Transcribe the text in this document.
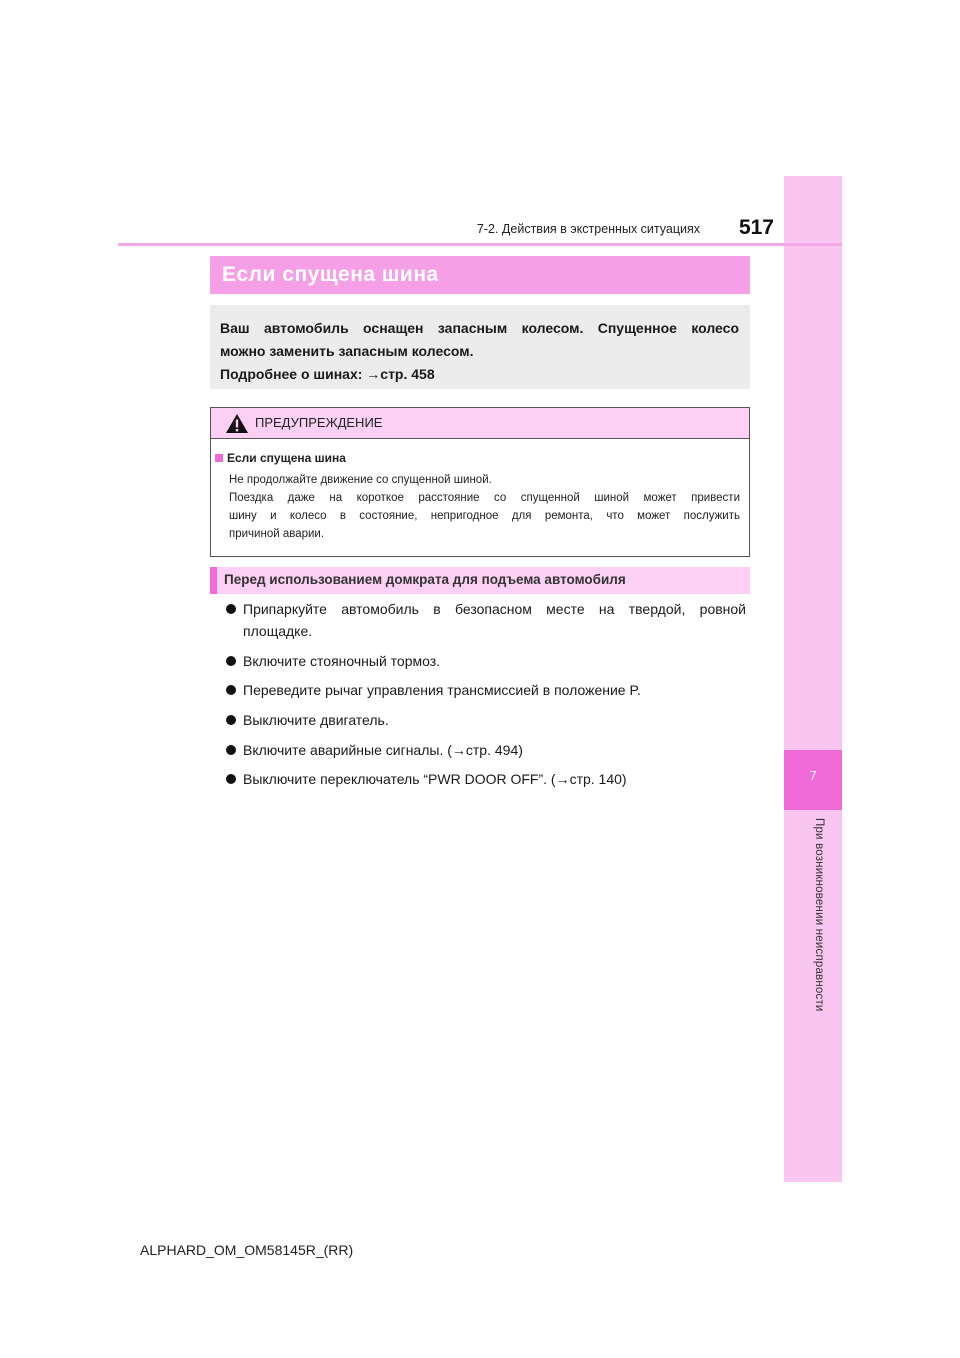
7
При возникновении неисправности
7-2. Действия в экстренных ситуациях	517
Если спущена шина
Ваш автомобиль оснащен запасным колесом. Спущенное колесо
можно заменить запасным колесом.
Подробнее о шинах: →стр. 458
ПРЕДУПРЕЖДЕНИЕ
Если спущена шина
Не продолжайте движение со спущенной шиной.
Поездка даже на короткое расстояние со спущенной шиной может привести
шину и колесо в состояние, непригодное для ремонта, что может послужить
причиной аварии.
Перед использованием домкрата для подъема автомобиля
Припаркуйте автомобиль в безопасном месте на твердой, ровной
площадке.
Включите стояночный тормоз.
Переведите рычаг управления трансмиссией в положение P.
Выключите двигатель.
Включите аварийные сигналы. (→стр. 494)
Выключите переключатель “PWR DOOR OFF”. (→стр. 140)
ALPHARD_OM_OM58145R_(RR)
